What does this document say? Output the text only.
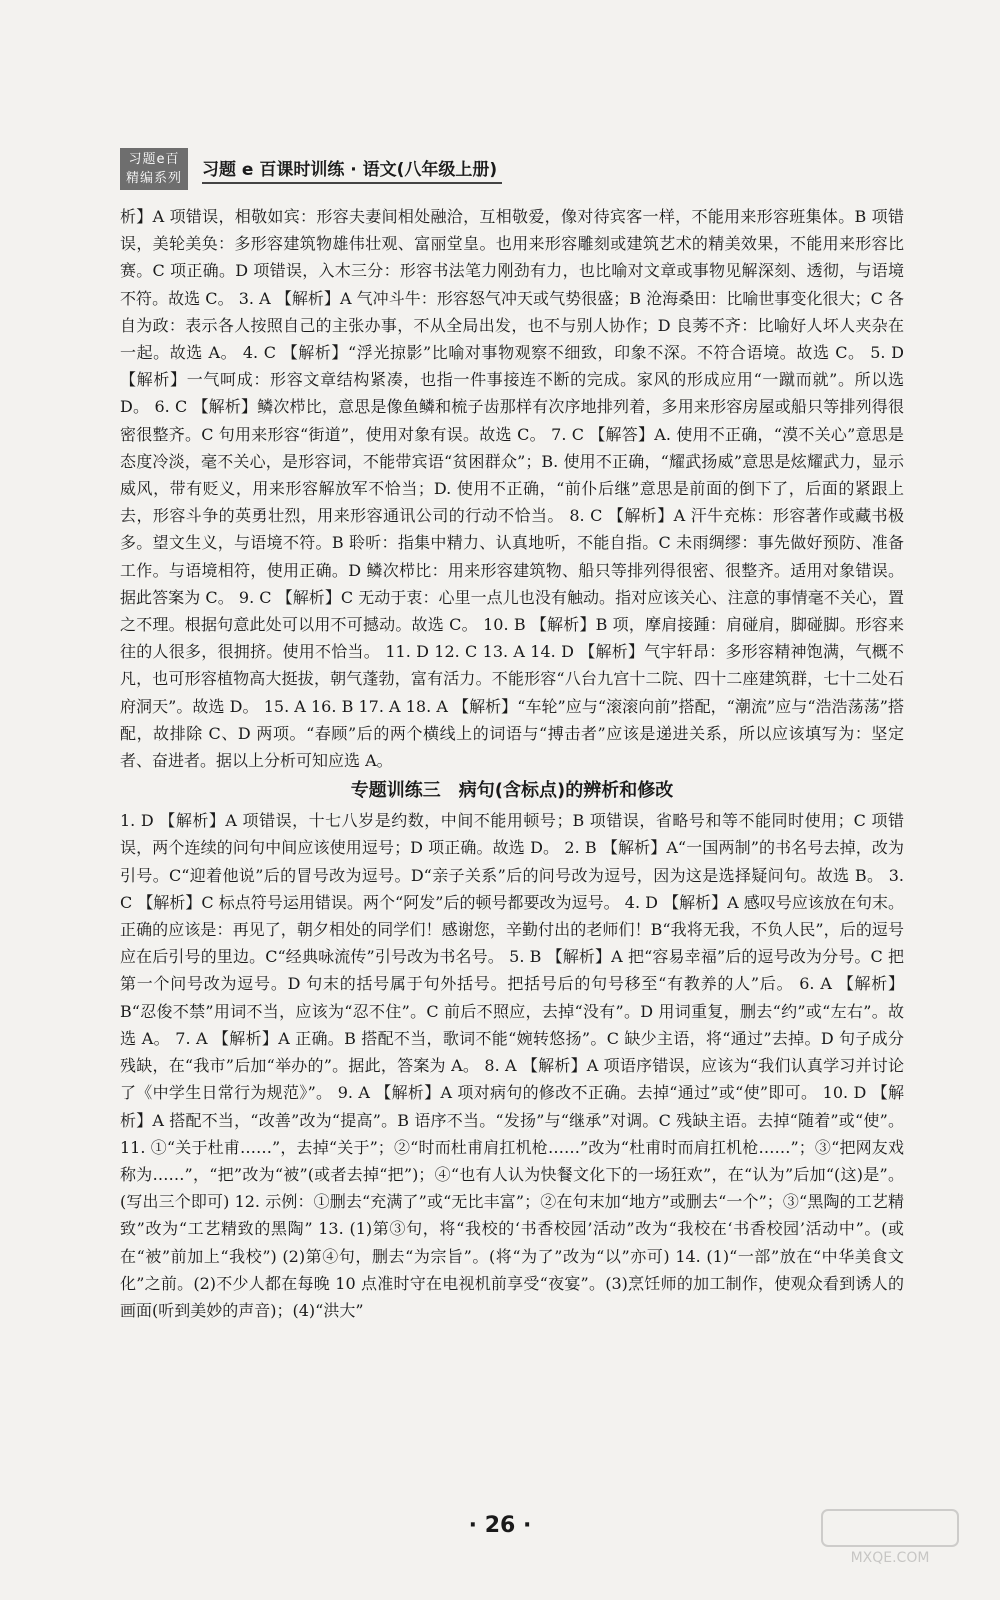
习题e百
精编系列 习题 e 百课时训练 · 语文(八年级上册)

析】A 项错误，相敬如宾：形容夫妻间相处融洽，互相敬爱，像对待宾客一样，不能用来形容班集体。B 项错误，美轮美奂：多形容建筑物雄伟壮观、富丽堂皇。也用来形容雕刻或建筑艺术的精美效果，不能用来形容比赛。C 项正确。D 项错误，入木三分：形容书法笔力刚劲有力，也比喻对文章或事物见解深刻、透彻，与语境不符。故选 C。 3. A 【解析】A 气冲斗牛：形容怒气冲天或气势很盛；B 沧海桑田：比喻世事变化很大；C 各自为政：表示各人按照自己的主张办事，不从全局出发，也不与别人协作；D 良莠不齐：比喻好人坏人夹杂在一起。故选 A。 4. C 【解析】“浮光掠影”比喻对事物观察不细致，印象不深。不符合语境。故选 C。 5. D 【解析】一气呵成：形容文章结构紧凑，也指一件事接连不断的完成。家风的形成应用“一蹴而就”。所以选 D。 6. C 【解析】鳞次栉比，意思是像鱼鳞和梳子齿那样有次序地排列着，多用来形容房屋或船只等排列得很密很整齐。C 句用来形容“街道”，使用对象有误。故选 C。 7. C 【解答】A. 使用不正确，“漠不关心”意思是态度冷淡，毫不关心，是形容词，不能带宾语“贫困群众”；B. 使用不正确，“耀武扬威”意思是炫耀武力，显示威风，带有贬义，用来形容解放军不恰当；D. 使用不正确，“前仆后继”意思是前面的倒下了，后面的紧跟上去，形容斗争的英勇壮烈，用来形容通讯公司的行动不恰当。 8. C 【解析】A 汗牛充栋：形容著作或藏书极多。望文生义，与语境不符。B 聆听：指集中精力、认真地听，不能自指。C 未雨绸缪：事先做好预防、准备工作。与语境相符，使用正确。D 鳞次栉比：用来形容建筑物、船只等排列得很密、很整齐。适用对象错误。据此答案为 C。 9. C 【解析】C 无动于衷：心里一点儿也没有触动。指对应该关心、注意的事情毫不关心，置之不理。根据句意此处可以用不可撼动。故选 C。 10. B 【解析】B 项，摩肩接踵：肩碰肩，脚碰脚。形容来往的人很多，很拥挤。使用不恰当。 11. D 12. C 13. A 14. D 【解析】气宇轩昂：多形容精神饱满，气概不凡，也可形容植物高大挺拔，朝气蓬勃，富有活力。不能形容“八台九宫十二院、四十二座建筑群，七十二处石府洞天”。故选 D。 15. A 16. B 17. A 18. A 【解析】“车轮”应与“滚滚向前”搭配，“潮流”应与“浩浩荡荡”搭配，故排除 C、D 两项。“春顾”后的两个横线上的词语与“搏击者”应该是递进关系，所以应该填写为：坚定者、奋进者。据以上分析可知应选 A。

专题训练三　病句(含标点)的辨析和修改

1. D 【解析】A 项错误，十七八岁是约数，中间不能用顿号；B 项错误，省略号和等不能同时使用；C 项错误，两个连续的问句中间应该使用逗号；D 项正确。故选 D。 2. B 【解析】A“一国两制”的书名号去掉，改为引号。C“迎着他说”后的冒号改为逗号。D“亲子关系”后的问号改为逗号，因为这是选择疑问句。故选 B。 3. C 【解析】C 标点符号运用错误。两个“阿发”后的顿号都要改为逗号。 4. D 【解析】A 感叹号应该放在句末。正确的应该是：再见了，朝夕相处的同学们！感谢您，辛勤付出的老师们！B“我将无我，不负人民”，后的逗号应在后引号的里边。C“经典咏流传”引号改为书名号。 5. B 【解析】A 把“容易幸福”后的逗号改为分号。C 把第一个问号改为逗号。D 句末的括号属于句外括号。把括号后的句号移至“有教养的人”后。 6. A 【解析】B“忍俊不禁”用词不当，应该为“忍不住”。C 前后不照应，去掉“没有”。D 用词重复，删去“约”或“左右”。故选 A。 7. A 【解析】A 正确。B 搭配不当，歌词不能“婉转悠扬”。C 缺少主语，将“通过”去掉。D 句子成分残缺，在“我市”后加“举办的”。据此，答案为 A。 8. A 【解析】A 项语序错误，应该为“我们认真学习并讨论了《中学生日常行为规范》”。 9. A 【解析】A 项对病句的修改不正确。去掉“通过”或“使”即可。 10. D 【解析】A 搭配不当，“改善”改为“提高”。B 语序不当。“发扬”与“继承”对调。C 残缺主语。去掉“随着”或“使”。 11. ①“关于杜甫……”，去掉“关于”；②“时而杜甫肩扛机枪……”改为“杜甫时而肩扛机枪……”；③“把网友戏称为……”，“把”改为“被”(或者去掉“把”)；④“也有人认为快餐文化下的一场狂欢”，在“认为”后加“(这)是”。(写出三个即可) 12. 示例：①删去“充满了”或“无比丰富”；②在句末加“地方”或删去“一个”；③“黑陶的工艺精致”改为“工艺精致的黑陶” 13. (1)第③句，将“我校的‘书香校园’活动”改为“我校在‘书香校园’活动中”。(或在“被”前加上“我校”) (2)第④句，删去“为宗旨”。(将“为了”改为“以”亦可) 14. (1)“一部”放在“中华美食文化”之前。(2)不少人都在每晚 10 点准时守在电视机前享受“夜宴”。(3)烹饪师的加工制作，使观众看到诱人的画面(听到美妙的声音)；(4)“洪大”

· 26 ·
MXQE.COM
